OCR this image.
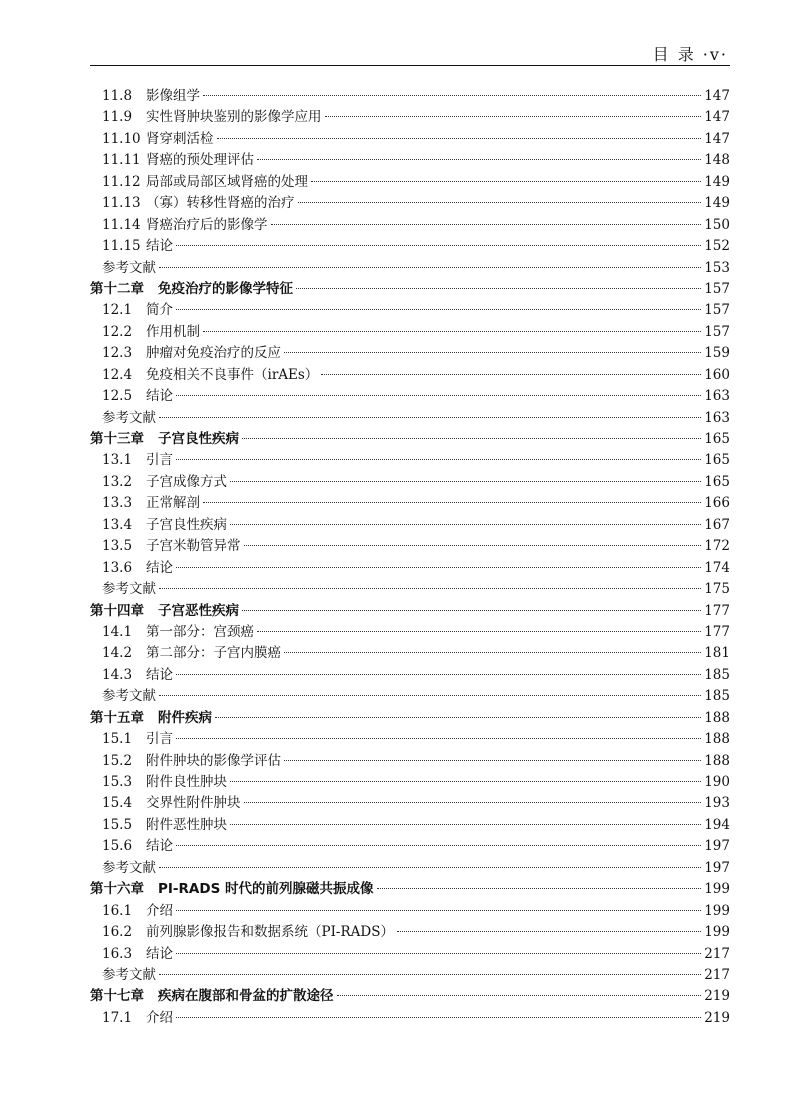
目 录 ·v·
11.8	影像组学	147
11.9	实性肾肿块鉴别的影像学应用	147
11.10 肾穿刺活检	147
11.11 肾癌的预处理评估	148
11.12 局部或局部区域肾癌的处理	149
11.13 （寡）转移性肾癌的治疗	149
11.14 肾癌治疗后的影像学	150
11.15 结论	152
参考文献	153
第十二章 免疫治疗的影像学特征	157
12.1	简介	157
12.2	作用机制	157
12.3	肿瘤对免疫治疗的反应	159
12.4	免疫相关不良事件（irAEs）	160
12.5	结论	163
参考文献	163
第十三章 子宫良性疾病	165
13.1	引言	165
13.2	子宫成像方式	165
13.3	正常解剖	166
13.4	子宫良性疾病	167
13.5	子宫米勒管异常	172
13.6	结论	174
参考文献	175
第十四章 子宫恶性疾病	177
14.1	第一部分：宫颈癌	177
14.2	第二部分：子宫内膜癌	181
14.3	结论	185
参考文献	185
第十五章 附件疾病	188
15.1	引言	188
15.2	附件肿块的影像学评估	188
15.3	附件良性肿块	190
15.4	交界性附件肿块	193
15.5	附件恶性肿块	194
15.6	结论	197
参考文献	197
第十六章 PI-RADS 时代的前列腺磁共振成像	199
16.1	介绍	199
16.2	前列腺影像报告和数据系统（PI-RADS）	199
16.3	结论	217
参考文献	217
第十七章 疾病在腹部和骨盆的扩散途径	219
17.1	介绍	219
